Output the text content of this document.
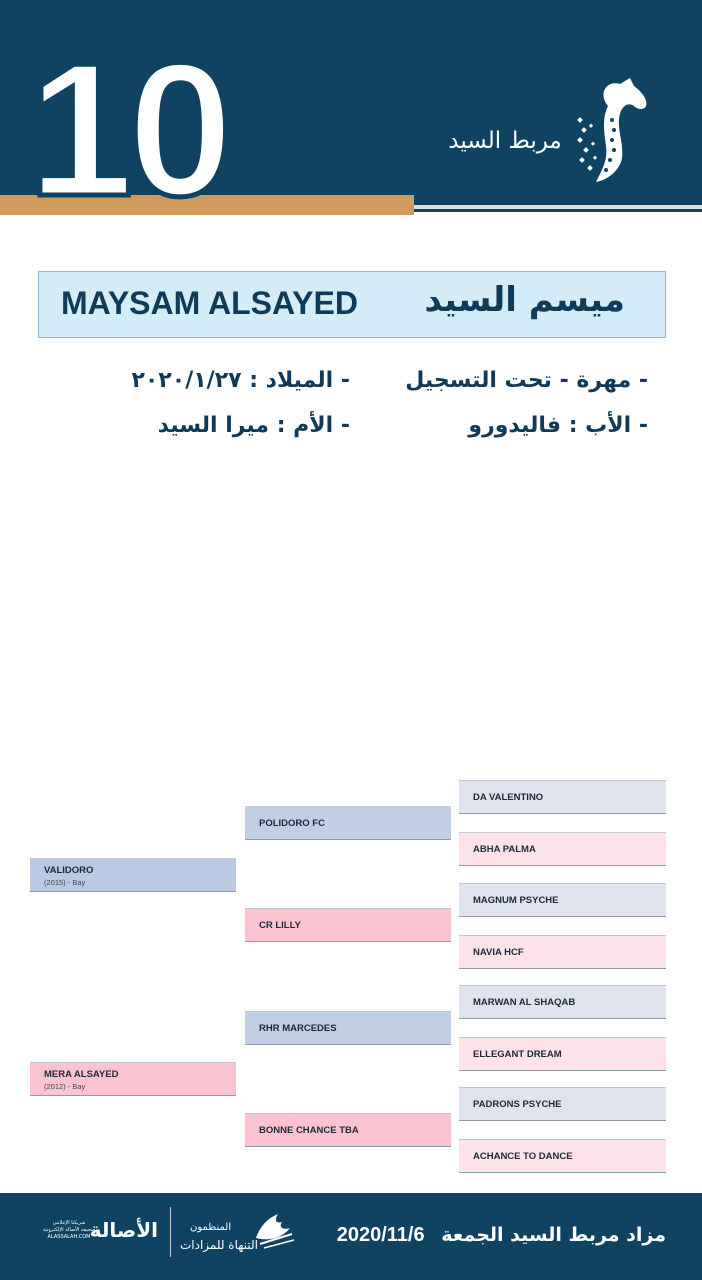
10	مربط السيد
MAYSAM ALSAYED ميسم السيد
- مهرة - تحت التسجيل
- الميلاد : ٢٠٢٠/١/٢٧
- الأب : فاليدورو
- الأم : ميرا السيد
VALIDORO
(2015) - Bay
MERA ALSAYED
(2012) - Bay
POLIDORO FC
CR LILLY
RHR MARCEDES
BONNE CHANCE TBA
DA VALENTINO
ABHA PALMA
MAGNUM PSYCHE
NAVIA HCF
MARWAN AL SHAQAB
ELLEGANT DREAM
PADRONS PSYCHE
ACHANCE TO DANCE
مزاد مربط السيد الجمعة 2020/11/6
المنظمون
التنهاة للمزادات
الأصالة
شريكنا الإعلامي
صحيفة الأصالة الإلكترونية
ALASSALAH.COM
